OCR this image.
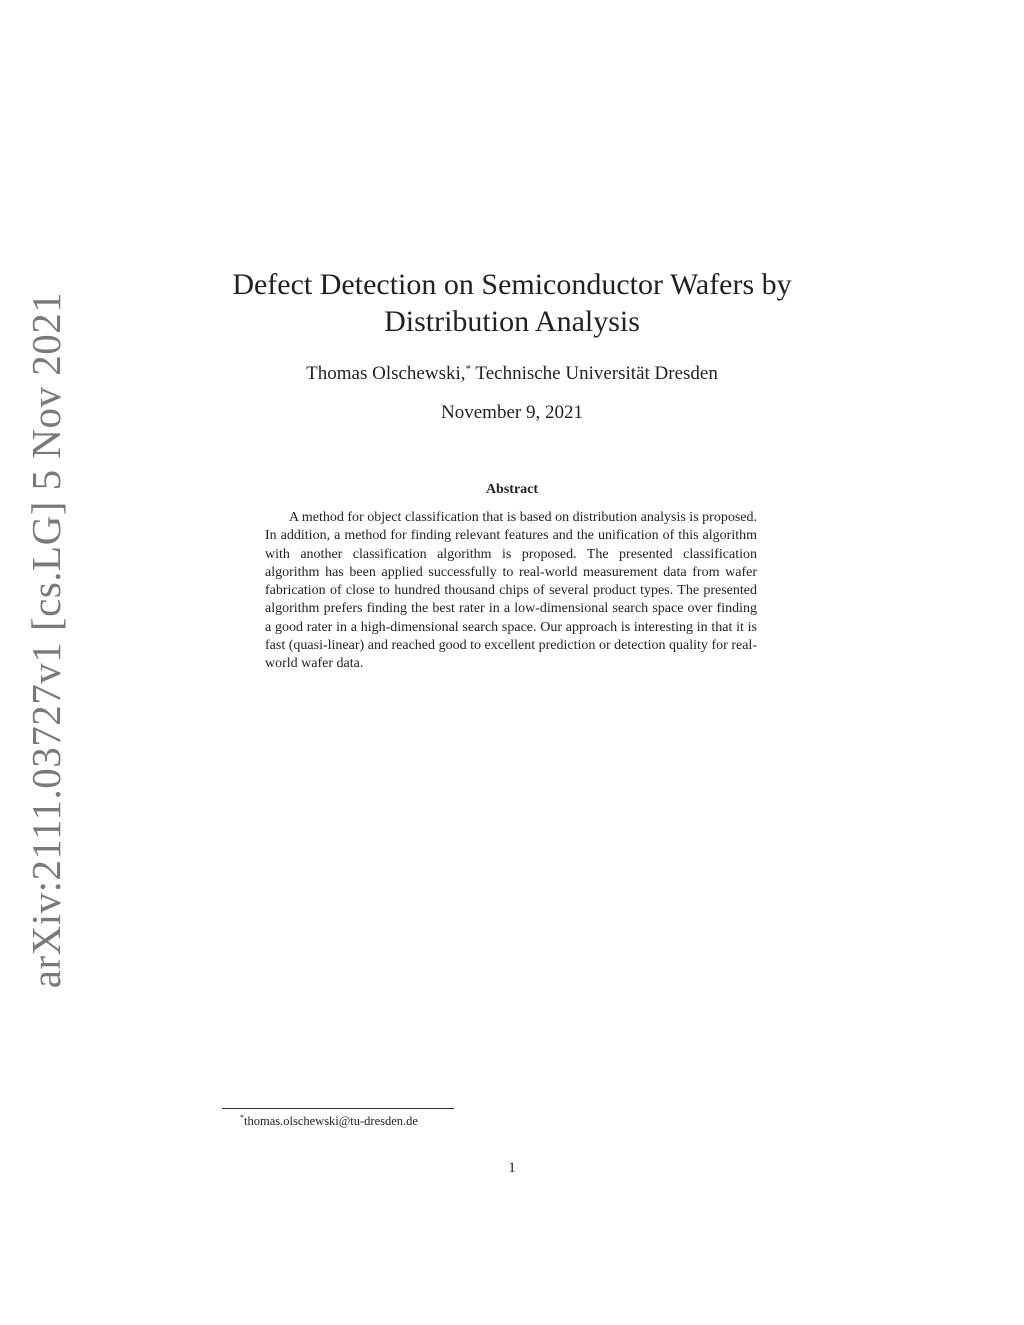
arXiv:2111.03727v1 [cs.LG] 5 Nov 2021
Defect Detection on Semiconductor Wafers by
Distribution Analysis
Thomas Olschewski,* Technische Universität Dresden
November 9, 2021
Abstract

A method for object classification that is based on distribution analysis is proposed. In addition, a method for finding relevant features and the unification of this algorithm with another classification algorithm is proposed. The presented classification algorithm has been applied successfully to real-world measurement data from wafer fabrication of close to hundred thousand chips of several product types. The presented algorithm prefers finding the best rater in a low-dimensional search space over finding a good rater in a high-dimensional search space. Our approach is interesting in that it is fast (quasi-linear) and reached good to excellent prediction or detection quality for real-world wafer data.

*thomas.olschewski@tu-dresden.de
1
